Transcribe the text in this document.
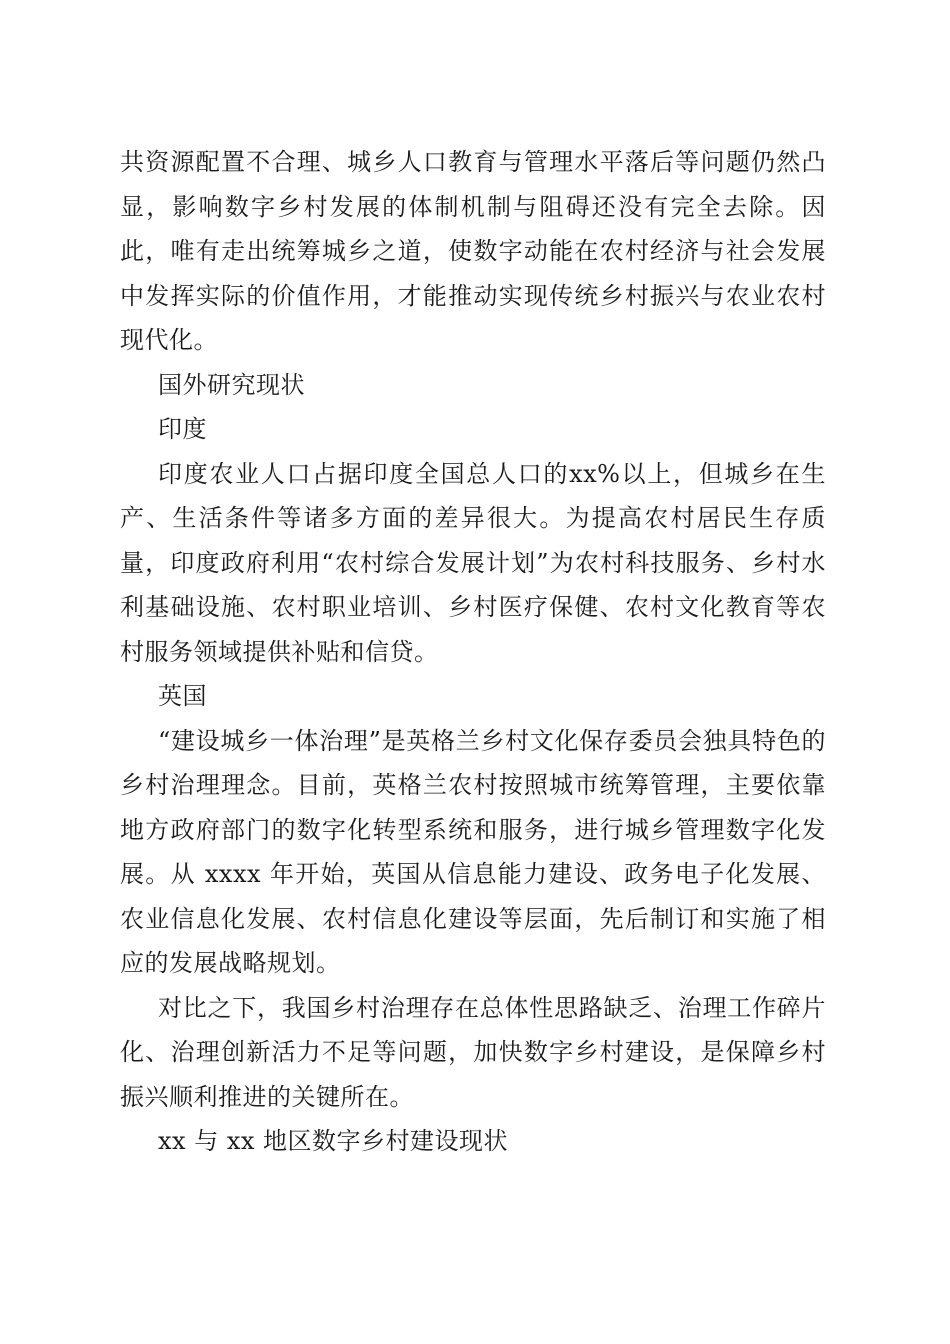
共资源配置不合理、城乡人口教育与管理水平落后等问题仍然凸显，影响数字乡村发展的体制机制与阻碍还没有完全去除。因此，唯有走出统筹城乡之道，使数字动能在农村经济与社会发展中发挥实际的价值作用，才能推动实现传统乡村振兴与农业农村现代化。

国外研究现状

印度

印度农业人口占据印度全国总人口的xx%以上，但城乡在生产、生活条件等诸多方面的差异很大。为提高农村居民生存质量，印度政府利用“农村综合发展计划”为农村科技服务、乡村水利基础设施、农村职业培训、乡村医疗保健、农村文化教育等农村服务领域提供补贴和信贷。

英国

“建设城乡一体治理”是英格兰乡村文化保存委员会独具特色的乡村治理理念。目前，英格兰农村按照城市统筹管理，主要依靠地方政府部门的数字化转型系统和服务，进行城乡管理数字化发展。从 xxxx 年开始，英国从信息能力建设、政务电子化发展、农业信息化发展、农村信息化建设等层面，先后制订和实施了相应的发展战略规划。

对比之下，我国乡村治理存在总体性思路缺乏、治理工作碎片化、治理创新活力不足等问题，加快数字乡村建设，是保障乡村振兴顺利推进的关键所在。

xx 与 xx 地区数字乡村建设现状
